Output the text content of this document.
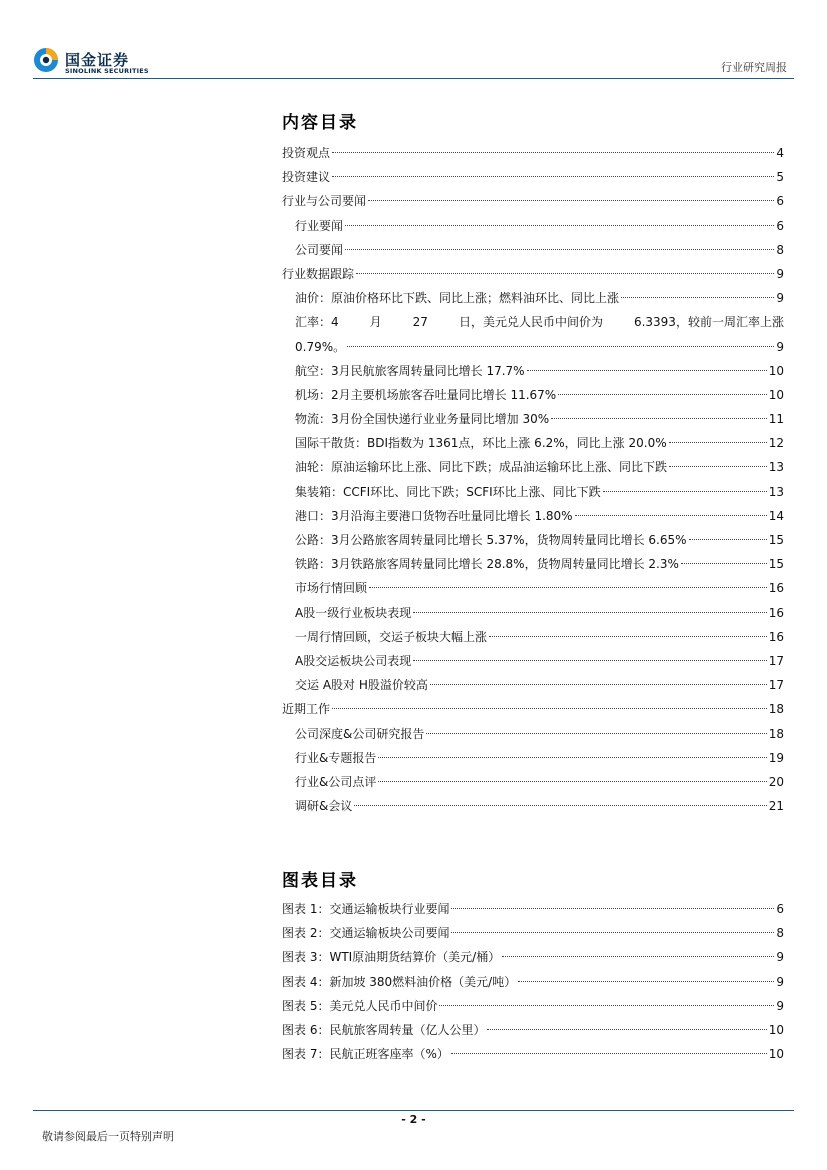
国金证券
SINOLINK SECURITIES	行业研究周报
内容目录
投资观点	4
投资建议	5
行业与公司要闻	6
行业要闻	6
公司要闻	8
行业数据跟踪	9
油价：原油价格环比下跌、同比上涨；燃料油环比、同比上涨	9
汇率：4	月	27	日，美元兑人民币中间价为	6.3393，较前一周汇率上涨
0.79%。	9
航空：3月民航旅客周转量同比增长 17.7%	10
机场：2月主要机场旅客吞吐量同比增长 11.67%	10
物流：3月份全国快递行业业务量同比增加 30%	11
国际干散货：BDI指数为 1361点，环比上涨 6.2%，同比上涨 20.0%	12
油轮：原油运输环比上涨、同比下跌；成品油运输环比上涨、同比下跌	13
集装箱：CCFI环比、同比下跌；SCFI环比上涨、同比下跌	13
港口：3月沿海主要港口货物吞吐量同比增长 1.80%	14
公路：3月公路旅客周转量同比增长 5.37%，货物周转量同比增长 6.65%	15
铁路：3月铁路旅客周转量同比增长 28.8%，货物周转量同比增长 2.3%	15
市场行情回顾	16
A股一级行业板块表现	16
一周行情回顾，交运子板块大幅上涨	16
A股交运板块公司表现	17
交运 A股对 H股溢价较高	17
近期工作	18
公司深度&公司研究报告	18
行业&专题报告	19
行业&公司点评	20
调研&会议	21
图表目录
图表 1：交通运输板块行业要闻	6
图表 2：交通运输板块公司要闻	8
图表 3：WTI原油期货结算价（美元/桶）	9
图表 4：新加坡 380燃料油价格（美元/吨）	9
图表 5：美元兑人民币中间价	9
图表 6：民航旅客周转量（亿人公里）	10
图表 7：民航正班客座率（%）	10
- 2 -
敬请参阅最后一页特别声明
